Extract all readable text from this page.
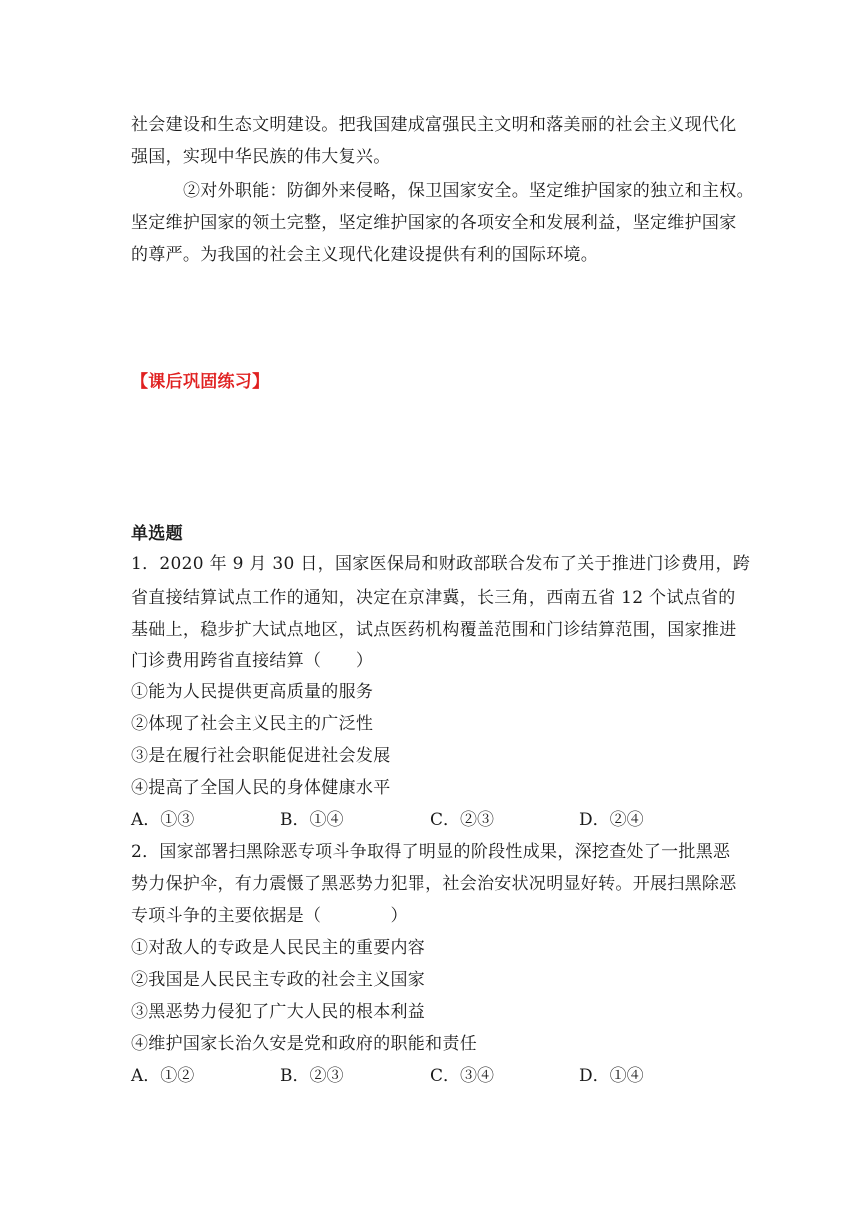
社会建设和生态文明建设。把我国建成富强民主文明和落美丽的社会主义现代化
强国，实现中华民族的伟大复兴。
②对外职能：防御外来侵略，保卫国家安全。坚定维护国家的独立和主权。
坚定维护国家的领土完整，坚定维护国家的各项安全和发展利益，坚定维护国家
的尊严。为我国的社会主义现代化建设提供有利的国际环境。
【课后巩固练习】
单选题
1．2020 年 9 月 30 日，国家医保局和财政部联合发布了关于推进门诊费用，跨
省直接结算试点工作的通知，决定在京津冀，长三角，西南五省 12 个试点省的
基础上，稳步扩大试点地区，试点医药机构覆盖范围和门诊结算范围，国家推进
门诊费用跨省直接结算（　　）
①能为人民提供更高质量的服务
②体现了社会主义民主的广泛性
③是在履行社会职能促进社会发展
④提高了全国人民的身体健康水平
A．①③	B．①④	C．②③	D．②④
2．国家部署扫黑除恶专项斗争取得了明显的阶段性成果，深挖查处了一批黑恶
势力保护伞，有力震慑了黑恶势力犯罪，社会治安状况明显好转。开展扫黑除恶
专项斗争的主要依据是（　　　　）
①对敌人的专政是人民民主的重要内容
②我国是人民民主专政的社会主义国家
③黑恶势力侵犯了广大人民的根本利益
④维护国家长治久安是党和政府的职能和责任
A．①②	B．②③	C．③④	D．①④
